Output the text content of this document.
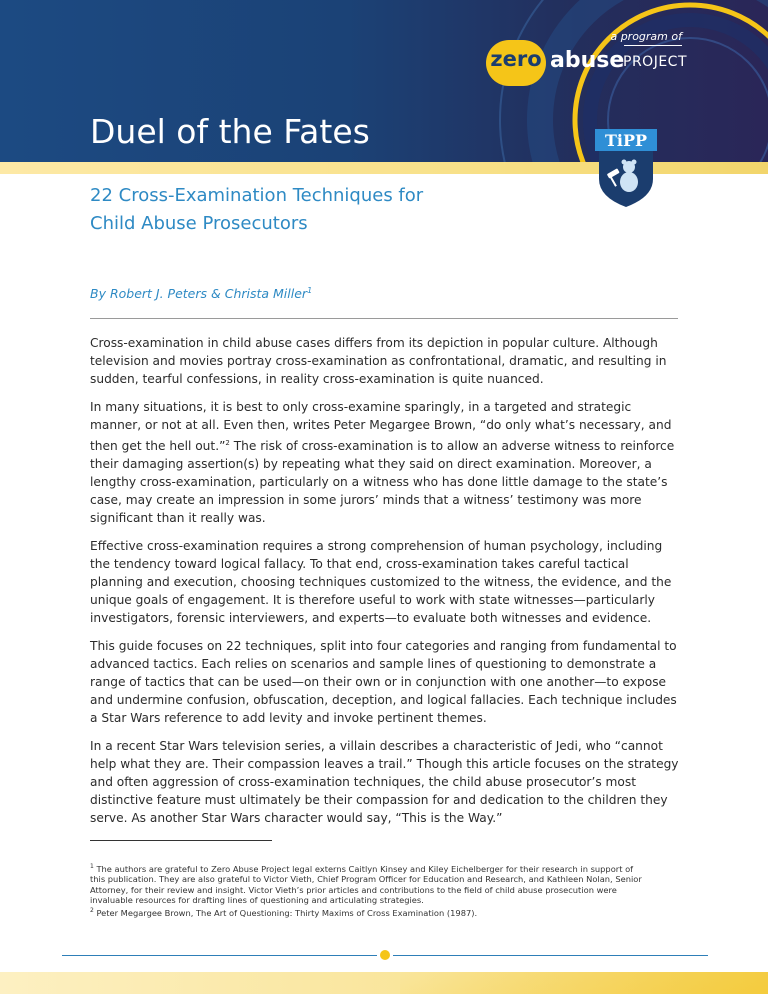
a program of
zero abuse
PROJECT
Duel of the Fates	TiPP
22 Cross-Examination Techniques for
Child Abuse Prosecutors
By Robert J. Peters & Christa Miller$^1$

Cross-examination in child abuse cases differs from its depiction in popular culture. Although television and movies portray cross-examination as confrontational, dramatic, and resulting in sudden, tearful confessions, in reality cross-examination is quite nuanced.

In many situations, it is best to only cross-examine sparingly, in a targeted and strategic manner, or not at all. Even then, writes Peter Megargee Brown, “do only what’s necessary, and then get the hell out.”$^2$ The risk of cross-examination is to allow an adverse witness to reinforce their damaging assertion(s) by repeating what they said on direct examination. Moreover, a lengthy cross-examination, particularly on a witness who has done little damage to the state’s case, may create an impression in some jurors’ minds that a witness’ testimony was more significant than it really was.

Effective cross-examination requires a strong comprehension of human psychology, including the tendency toward logical fallacy. To that end, cross-examination takes careful tactical planning and execution, choosing techniques customized to the witness, the evidence, and the unique goals of engagement. It is therefore useful to work with state witnesses—particularly investigators, forensic interviewers, and experts—to evaluate both witnesses and evidence.

This guide focuses on 22 techniques, split into four categories and ranging from fundamental to advanced tactics. Each relies on scenarios and sample lines of questioning to demonstrate a range of tactics that can be used—on their own or in conjunction with one another—to expose and undermine confusion, obfuscation, deception, and logical fallacies. Each technique includes a Star Wars reference to add levity and invoke pertinent themes.

In a recent Star Wars television series, a villain describes a characteristic of Jedi, who “cannot help what they are. Their compassion leaves a trail.” Though this article focuses on the strategy and often aggression of cross-examination techniques, the child abuse prosecutor’s most distinctive feature must ultimately be their compassion for and dedication to the children they serve. As another Star Wars character would say, “This is the Way.”

$^1$ The authors are grateful to Zero Abuse Project legal externs Caitlyn Kinsey and Kiley Eichelberger for their research in support of this publication. They are also grateful to Victor Vieth, Chief Program Officer for Education and Research, and Kathleen Nolan, Senior Attorney, for their review and insight. Victor Vieth’s prior articles and contributions to the field of child abuse prosecution were invaluable resources for drafting lines of questioning and articulating strategies.

$^2$ Peter Megargee Brown, The Art of Questioning: Thirty Maxims of Cross Examination (1987).
